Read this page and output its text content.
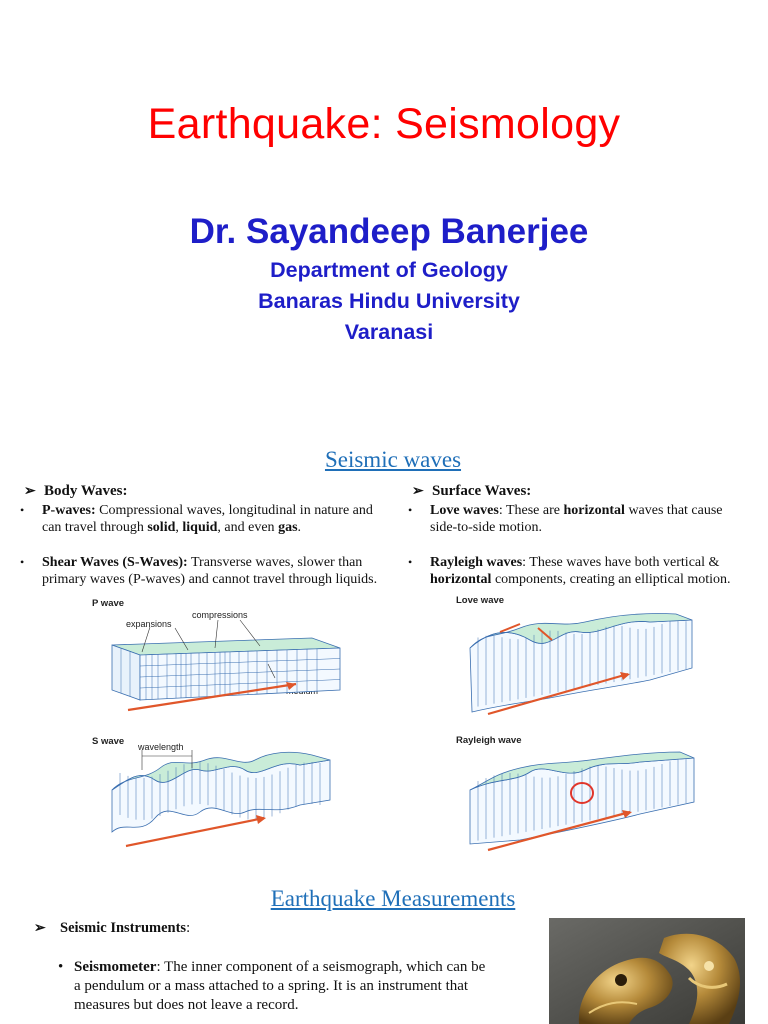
Earthquake: Seismology
Dr. Sayandeep Banerjee
Department of Geology
Banaras Hindu University
Varanasi
Seismic waves
➢ Body Waves:
• P-waves: Compressional waves, longitudinal in nature and
can travel through solid, liquid, and even gas.
• Shear Waves (S-Waves): Transverse waves, slower than
primary waves (P-waves) and cannot travel through liquids.
➢ Surface Waves:
• Love waves: These are horizontal waves that cause
side-to-side motion.
• Rayleigh waves: These waves have both vertical &
horizontal components, creating an elliptical motion.
P wave
compressions
expansions
S wave wavelength
Love wave
Rayleigh wave
Earthquake Measurements
➢ Seismic Instruments:
• Seismometer: The inner component of a seismograph, which can be
a pendulum or a mass attached to a spring. It is an instrument that
measures but does not leave a record.
